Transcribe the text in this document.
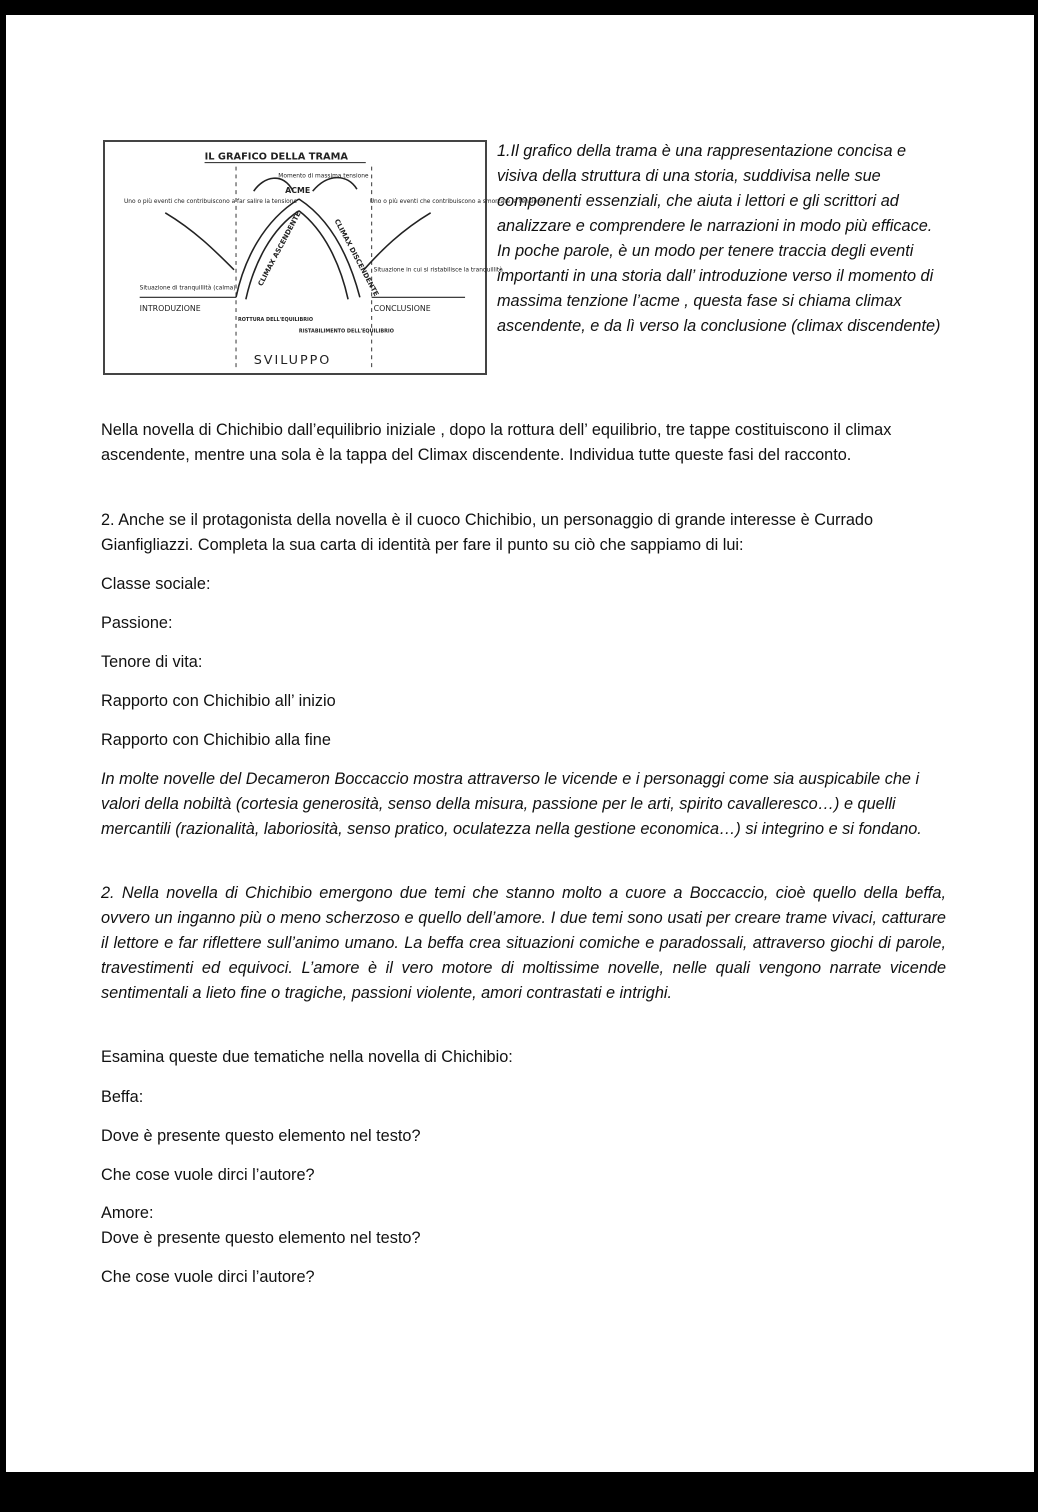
IL GRAFICO DELLA TRAMA
Momento di massima tensione
ACME
CLIMAX ASCENDENTE	CLIMAX DISCENDENTE
Uno o più eventi che contribuiscono a far salire la tensione	Uno o più eventi che contribuiscono a smorzare la tensione
Situazione di tranquillità (calma)
Situazione in cui si ristabilisce la tranquillità
INTRODUZIONE	CONCLUSIONE
ROTTURA DELL'EQUILIBRIO
RISTABILIMENTO DELL'EQUILIBRIO
SVILUPPO
1.Il grafico della trama è una rappresentazione concisa e visiva della struttura di una storia, suddivisa nelle sue componenti essenziali, che aiuta i lettori e gli scrittori ad analizzare e comprendere le narrazioni in modo più efficace. In poche parole, è un modo per tenere traccia degli eventi importanti in una storia dall’ introduzione verso il momento di massima tenzione l’acme , questa fase si chiama climax ascendente, e da lì verso la conclusione (climax discendente)
Nella novella di Chichibio dall’equilibrio iniziale , dopo la rottura dell’ equilibrio, tre tappe costituiscono il climax ascendente, mentre una sola è la tappa del Climax discendente. Individua tutte queste fasi del racconto.
2. Anche se il protagonista della novella è il cuoco Chichibio, un personaggio di grande interesse è Currado Gianfigliazzi. Completa la sua carta di identità per fare il punto su ciò che sappiamo di lui:
Classe sociale:
Passione:
Tenore di vita:
Rapporto con Chichibio all’ inizio
Rapporto con Chichibio alla fine
In molte novelle del Decameron Boccaccio mostra attraverso le vicende e i personaggi come sia auspicabile che i valori della nobiltà (cortesia generosità, senso della misura, passione per le arti, spirito cavalleresco…) e quelli mercantili (razionalità, laboriosità, senso pratico, oculatezza nella gestione economica…) si integrino e si fondano.
2. Nella novella di Chichibio emergono due temi che stanno molto a cuore a Boccaccio, cioè quello della beffa, ovvero un inganno più o meno scherzoso e quello dell’amore. I due temi sono usati per creare trame vivaci, catturare il lettore e far riflettere sull’animo umano. La beffa crea situazioni comiche e paradossali, attraverso giochi di parole, travestimenti ed equivoci. L’amore è il vero motore di moltissime novelle, nelle quali vengono narrate vicende sentimentali a lieto fine o tragiche, passioni violente, amori contrastati e intrighi.
Esamina queste due tematiche nella novella di Chichibio:
Beffa:
Dove è presente questo elemento nel testo?
Che cose vuole dirci l’autore?
Amore:
Dove è presente questo elemento nel testo?
Che cose vuole dirci l’autore?
